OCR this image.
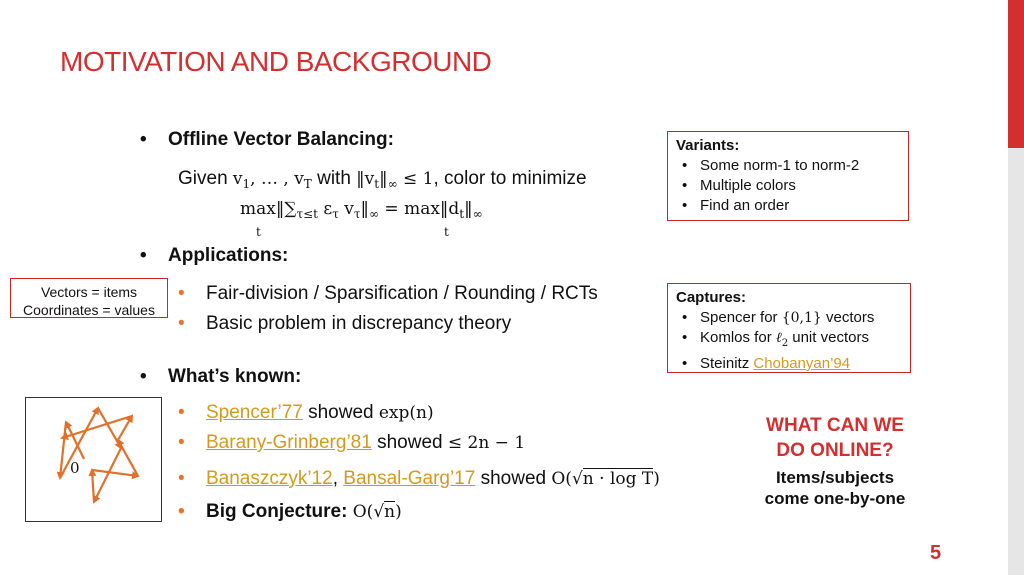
MOTIVATION AND BACKGROUND
• Offline Vector Balancing:
Given $v_1$, … , $v_T$ with $‖v_t‖_\infty \le 1$, color to minimize
$\max‖\sum_{\tau\le t}$ $\varepsilon_\tau$ $v_\tau‖_\infty$ = $\max‖d_t‖_\infty$
$_t$	$_t$
• Applications:
• Fair-division / Sparsification / Rounding / RCTs
• Basic problem in discrepancy theory
• What’s known:
• Spencer’77 showed exp(n)
• Barany-Grinberg’81 showed ≤ 2n − 1
• Banaszczyk’12, Bansal-Garg’17 showed O(√n · log T)
• Big Conjecture: O(√n)
Variants:
• Some norm-1 to norm-2
• Multiple colors
• Find an order
Captures:
• Spencer for {0,1} vectors
• Komlos for ℓ$_2$ unit vectors
• Steinitz Chobanyan’94
Vectors = items
Coordinates = values
0
WHAT CAN WE
DO ONLINE?
Items/subjects
come one-by-one
5
